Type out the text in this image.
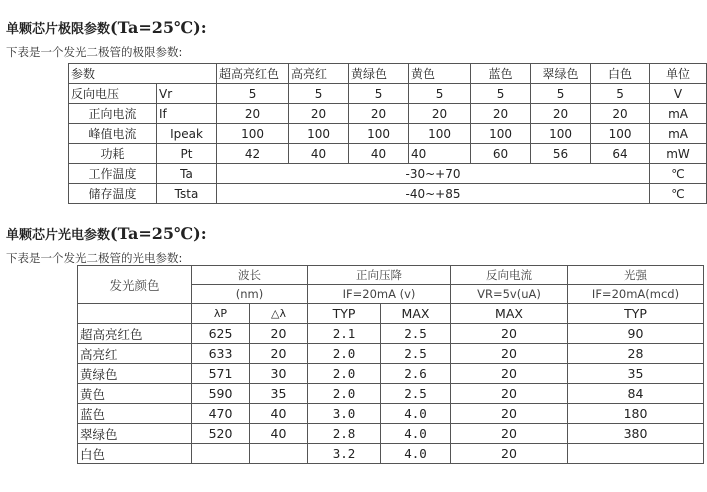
单颗芯片极限参数(Ta=25℃):
下表是一个发光二极管的极限参数:
参数		超高亮红色	高亮红	黄绿色	黄色	蓝色	翠绿色	白色	单位
反向电压	Vr	5	5	5	5	5	5	5	V
正向电流	If	20	20	20	20	20	20	20	mA
峰值电流	Ipeak	100	100	100	100	100	100	100	mA
功耗	Pt	42	40	40	40	60	56	64	mW
工作温度	Ta	-30~+70							℃
储存温度	Tsta	-40~+85							℃
单颗芯片光电参数(Ta=25℃):
下表是一个发光二极管的光电参数:
发光颜色	波长		正向压降		反向电流	光强
	(nm)		IF=20mA (v)		VR=5v(uA)	IF=20mA(mcd)
	λP	△λ	TYP	MAX	MAX	TYP
超高亮红色	625	20	2.1	2.5	20	90
高亮红	633	20	2.0	2.5	20	28
黄绿色	571	30	2.0	2.6	20	35
黄色	590	35	2.0	2.5	20	84
蓝色	470	40	3.0	4.0	20	180
翠绿色	520	40	2.8	4.0	20	380
白色			3.2	4.0	20	
